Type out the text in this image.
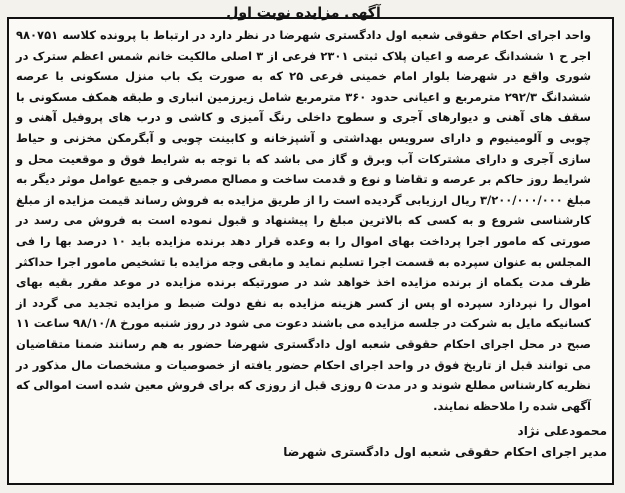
آگهی مزایده نوبت اول

واحد اجرای احکام حقوقی شعبه اول دادگستری شهرضا در نظر دارد در ارتباط با پرونده کلاسه ۹۸۰۷۵۱ اجر ح ۱ ششدانگ عرصه و اعیان پلاک ثبتی ۲۳۰۱ فرعی از ۳ اصلی مالکیت خانم شمس اعظم سترک در شوری واقع در شهرضا بلوار امام خمینی فرعی ۲۵ که به صورت یک باب منزل مسکونی با عرصه ششدانگ ۲۹۲/۳ مترمربع و اعیانی حدود ۳۶۰ مترمربع شامل زیرزمین انباری و طبقه همکف مسکونی با سقف های آهنی و دیوارهای آجری و سطوح داخلی رنگ آمیزی و کاشی و درب های پروفیل آهنی و چوبی و آلومینیوم و دارای سرویس بهداشتی و آشپزخانه و کابینت چوبی و آبگرمکن مخزنی و حیاط سازی آجری و دارای مشترکات آب وبرق و گاز می باشد که با توجه به شرایط فوق و موقعیت محل و شرایط روز حاکم بر عرصه و تقاضا و نوع و قدمت ساخت و مصالح مصرفی و جمیع عوامل موثر دیگر به مبلغ ۳/۲۰۰/۰۰۰/۰۰۰ ریال ارزیابی گردیده است را از طریق مزایده به فروش رساند قیمت مزایده از مبلغ کارشناسی شروع و به کسی که بالاترین مبلغ را پیشنهاد و قبول نموده است به فروش می رسد در صورتی که مامور اجرا پرداخت بهای اموال را به وعده قرار دهد برنده مزایده باید ۱۰ درصد بها را فی المجلس به عنوان سپرده به قسمت اجرا تسلیم نماید و مابقی وجه مزایده با تشخیص مامور اجرا حداکثر ظرف مدت یکماه از برنده مزایده اخذ خواهد شد در صورتیکه برنده مزایده در موعد مقرر بقیه بهای اموال را نپردازد سپرده او پس از کسر هزینه مزایده به نفع دولت ضبط و مزایده تجدید می گردد از کسانیکه مایل به شرکت در جلسه مزایده می باشند دعوت می شود در روز شنبه مورخ ۹۸/۱۰/۸ ساعت ۱۱ صبح در محل اجرای احکام حقوقی شعبه اول دادگستری شهرضا حضور به هم رسانند ضمنا متقاضیان می توانند قبل از تاریخ فوق در واحد اجرای احکام حضور یافته از خصوصیات و مشخصات مال مذکور در نظریه کارشناس مطلع شوند و در مدت ۵ روزی قبل از روزی که برای فروش معین شده است اموالی که آگهی شده را ملاحظه نمایند.

محمودعلی نژاد
مدیر اجرای احکام حقوقی شعبه اول دادگستری شهرضا
